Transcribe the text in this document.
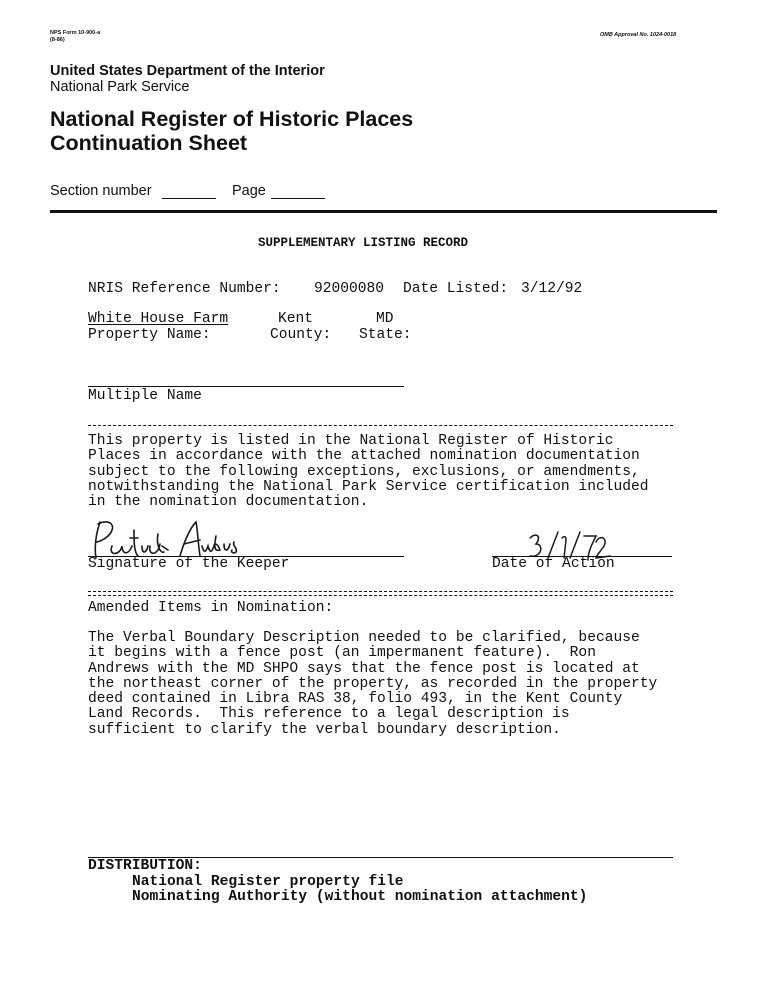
NPS Form 10-900-a
(8-86)
OMB Approval No. 1024-0018
United States Department of the Interior
National Park Service
National Register of Historic Places
Continuation Sheet
Section number	Page
SUPPLEMENTARY LISTING RECORD
NRIS Reference Number: 92000080 Date Listed: 3/12/92
White House Farm	Kent	MD
Property Name:	County: State:
Multiple Name
This property is listed in the National Register of Historic
Places in accordance with the attached nomination documentation
subject to the following exceptions, exclusions, or amendments,
notwithstanding the National Park Service certification included
in the nomination documentation.
Signature of the Keeper	Date of Action
Amended Items in Nomination:
The Verbal Boundary Description needed to be clarified, because
it begins with a fence post (an impermanent feature).  Ron
Andrews with the MD SHPO says that the fence post is located at
the northeast corner of the property, as recorded in the property
deed contained in Libra RAS 38, folio 493, in the Kent County
Land Records.  This reference to a legal description is
sufficient to clarify the verbal boundary description.
DISTRIBUTION:
National Register property file
Nominating Authority (without nomination attachment)
